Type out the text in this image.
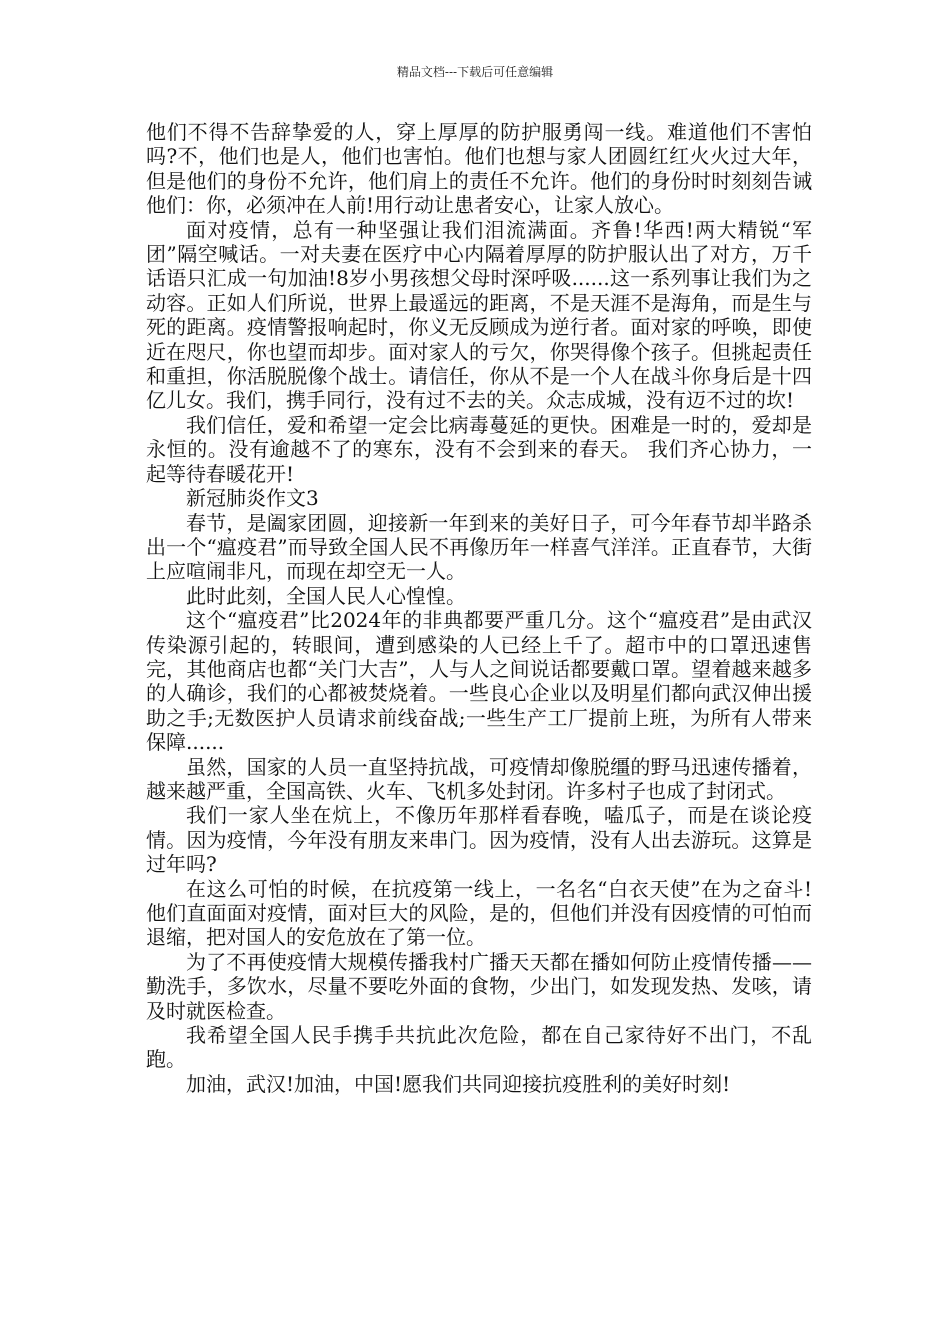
精品文档---下载后可任意编辑

他们不得不告辞挚爱的人，穿上厚厚的防护服勇闯一线。难道他们不害怕吗?不，他们也是人，他们也害怕。他们也想与家人团圆红红火火过大年，但是他们的身份不允许，他们肩上的责任不允许。他们的身份时时刻刻告诫他们：你，必须冲在人前!用行动让患者安心，让家人放心。

面对疫情，总有一种坚强让我们泪流满面。齐鲁!华西!两大精锐“军团”隔空喊话。一对夫妻在医疗中心内隔着厚厚的防护服认出了对方，万千话语只汇成一句加油!8岁小男孩想父母时深呼吸......这一系列事让我们为之动容。正如人们所说，世界上最遥远的距离，不是天涯不是海角，而是生与死的距离。疫情警报响起时，你义无反顾成为逆行者。面对家的呼唤，即使近在咫尺，你也望而却步。面对家人的亏欠，你哭得像个孩子。但挑起责任和重担，你活脱脱像个战士。请信任，你从不是一个人在战斗你身后是十四亿儿女。我们，携手同行，没有过不去的关。众志成城，没有迈不过的坎!

我们信任，爱和希望一定会比病毒蔓延的更快。困难是一时的，爱却是永恒的。没有逾越不了的寒东，没有不会到来的春天。 我们齐心协力，一起等待春暖花开!

新冠肺炎作文3

春节，是阖家团圆，迎接新一年到来的美好日子，可今年春节却半路杀出一个“瘟疫君”而导致全国人民不再像历年一样喜气洋洋。正直春节，大街上应喧闹非凡，而现在却空无一人。

此时此刻，全国人民人心惶惶。

这个“瘟疫君”比2024年的非典都要严重几分。这个“瘟疫君”是由武汉传染源引起的，转眼间，遭到感染的人已经上千了。超市中的口罩迅速售完，其他商店也都“关门大吉”，人与人之间说话都要戴口罩。望着越来越多的人确诊，我们的心都被焚烧着。一些良心企业以及明星们都向武汉伸出援助之手;无数医护人员请求前线奋战;一些生产工厂提前上班，为所有人带来保障......

虽然，国家的人员一直坚持抗战，可疫情却像脱缰的野马迅速传播着，越来越严重，全国高铁、火车、飞机多处封闭。许多村子也成了封闭式。

我们一家人坐在炕上，不像历年那样看春晚，嗑瓜子，而是在谈论疫情。因为疫情，今年没有朋友来串门。因为疫情，没有人出去游玩。这算是过年吗?

在这么可怕的时候，在抗疫第一线上，一名名“白衣天使”在为之奋斗!他们直面面对疫情，面对巨大的风险，是的，但他们并没有因疫情的可怕而退缩，把对国人的安危放在了第一位。

为了不再使疫情大规模传播我村广播天天都在播如何防止疫情传播——勤洗手，多饮水，尽量不要吃外面的食物，少出门，如发现发热、发咳，请及时就医检查。

我希望全国人民手携手共抗此次危险，都在自己家待好不出门，不乱跑。

加油，武汉!加油，中国!愿我们共同迎接抗疫胜利的美好时刻!
